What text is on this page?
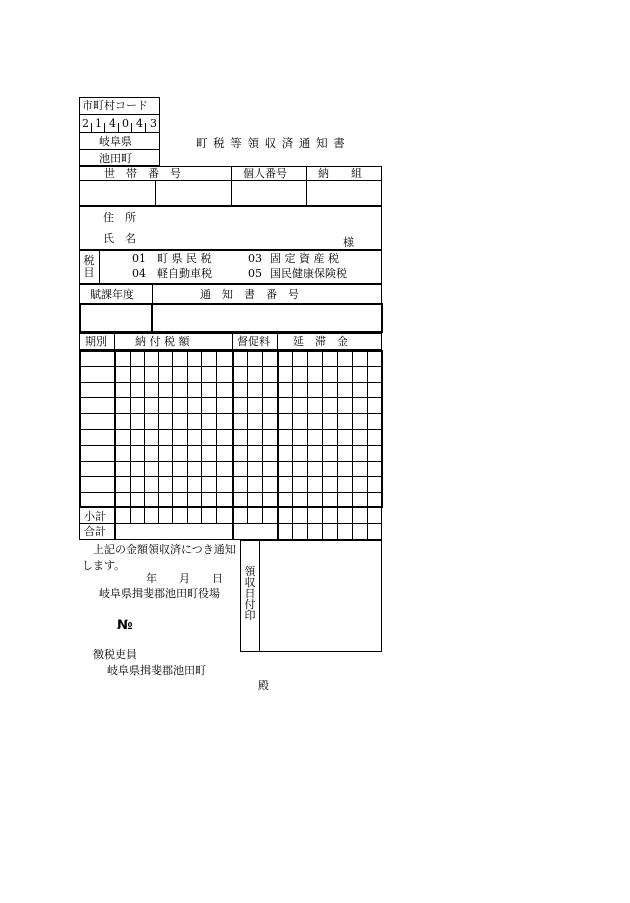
市町村コード
2 1 4 0 4 3
岐阜県
池田町
町 税 等 領 収 済 通 知 書
世　帯　番　号	個人番号	納　　組
住　所
氏　名	様
税目
01 町 県 民 税	03 固 定 資 産 税
04 軽自動車税	05 国民健康保険税
賦課年度	通　知　書　番　号
期別	納 付 税 額	督促料 延　滞　金
小計
合計
上記の金額領収済につき通知します。
年　　月　　日
岐阜県揖斐郡池田町役場
№
徴税吏員
岐阜県揖斐郡池田町
殿
領収日付印
